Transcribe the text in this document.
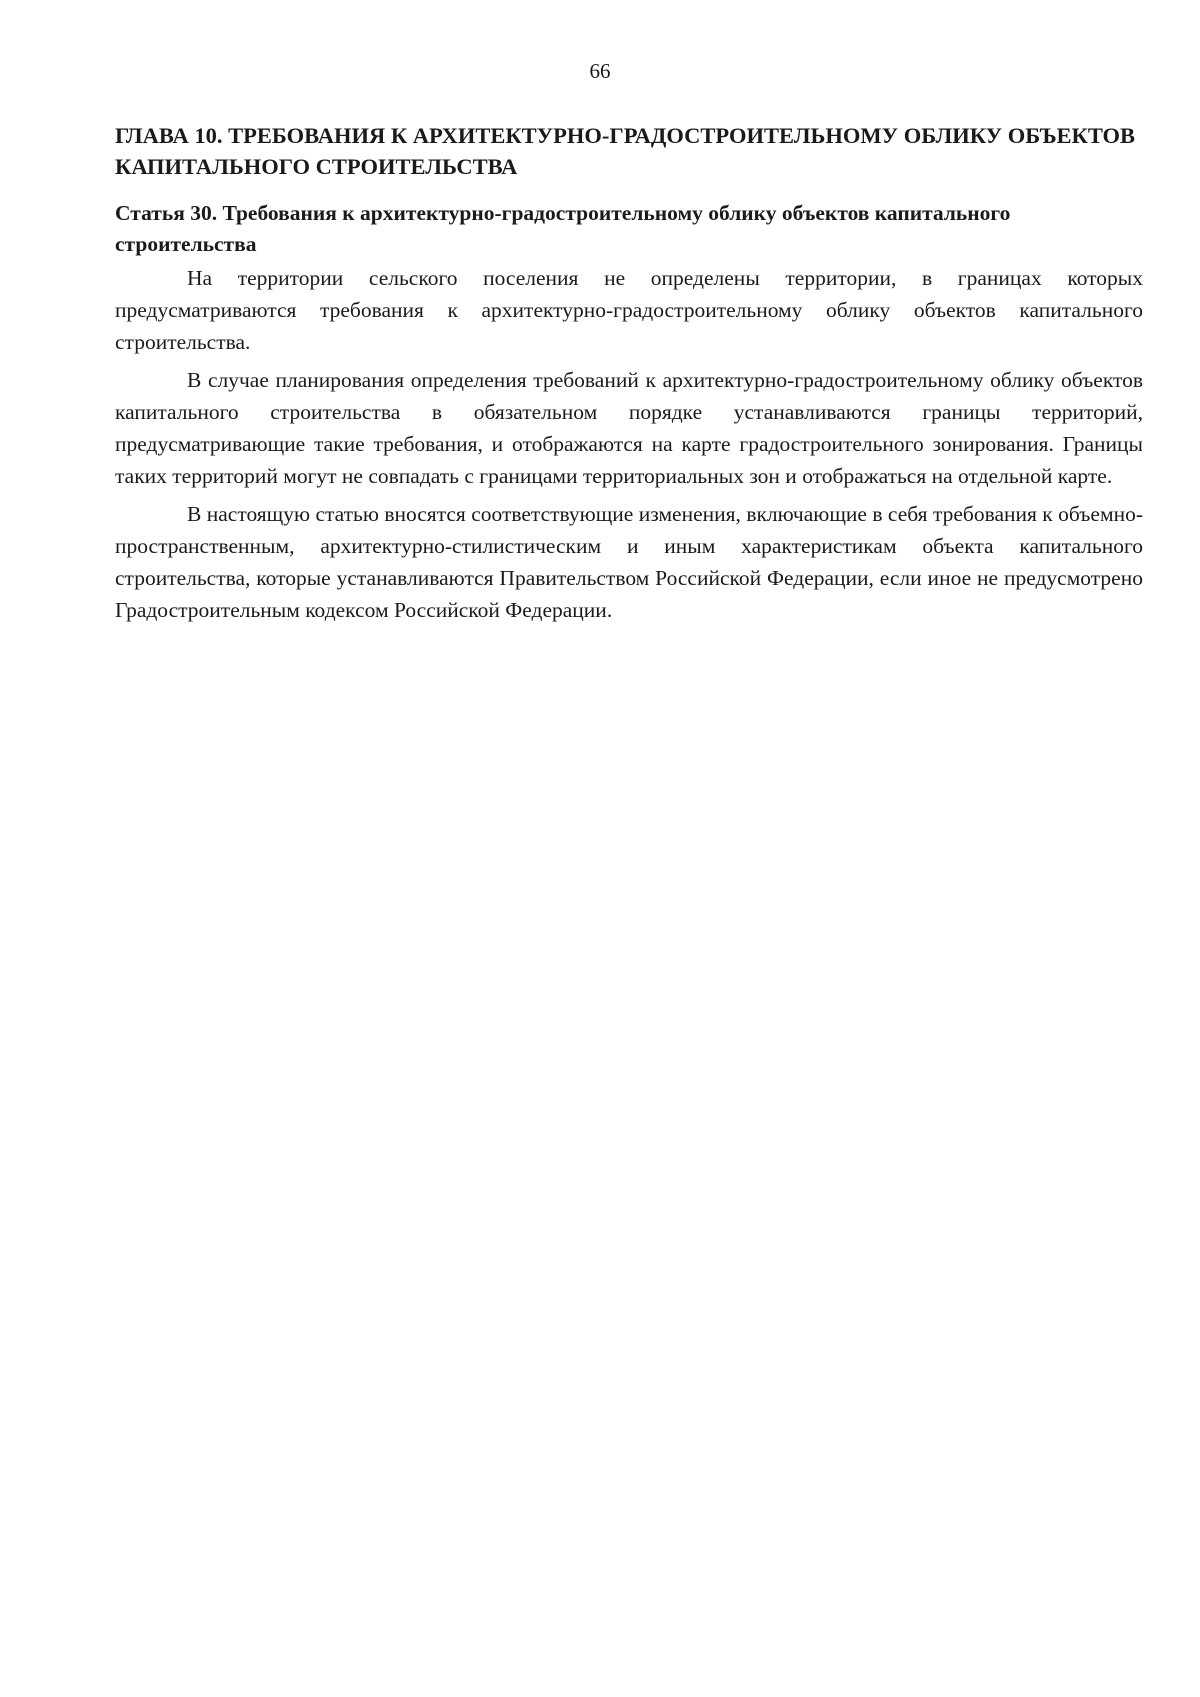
66
ГЛАВА 10. ТРЕБОВАНИЯ К АРХИТЕКТУРНО-ГРАДОСТРОИТЕЛЬНОМУ ОБЛИКУ ОБЪЕКТОВ КАПИТАЛЬНОГО СТРОИТЕЛЬСТВА
Статья 30. Требования к архитектурно-градостроительному облику объектов капитального строительства

На территории сельского поселения не определены территории, в границах которых предусматриваются требования к архитектурно-градостроительному облику объектов капитального строительства.

В случае планирования определения требований к архитектурно-градостроительному облику объектов капитального строительства в обязательном порядке устанавливаются границы территорий, предусматривающие такие требования, и отображаются на карте градостроительного зонирования. Границы таких территорий могут не совпадать с границами территориальных зон и отображаться на отдельной карте.

В настоящую статью вносятся соответствующие изменения, включающие в себя требования к объемно-пространственным, архитектурно-стилистическим и иным характеристикам объекта капитального строительства, которые устанавливаются Правительством Российской Федерации, если иное не предусмотрено Градостроительным кодексом Российской Федерации.
